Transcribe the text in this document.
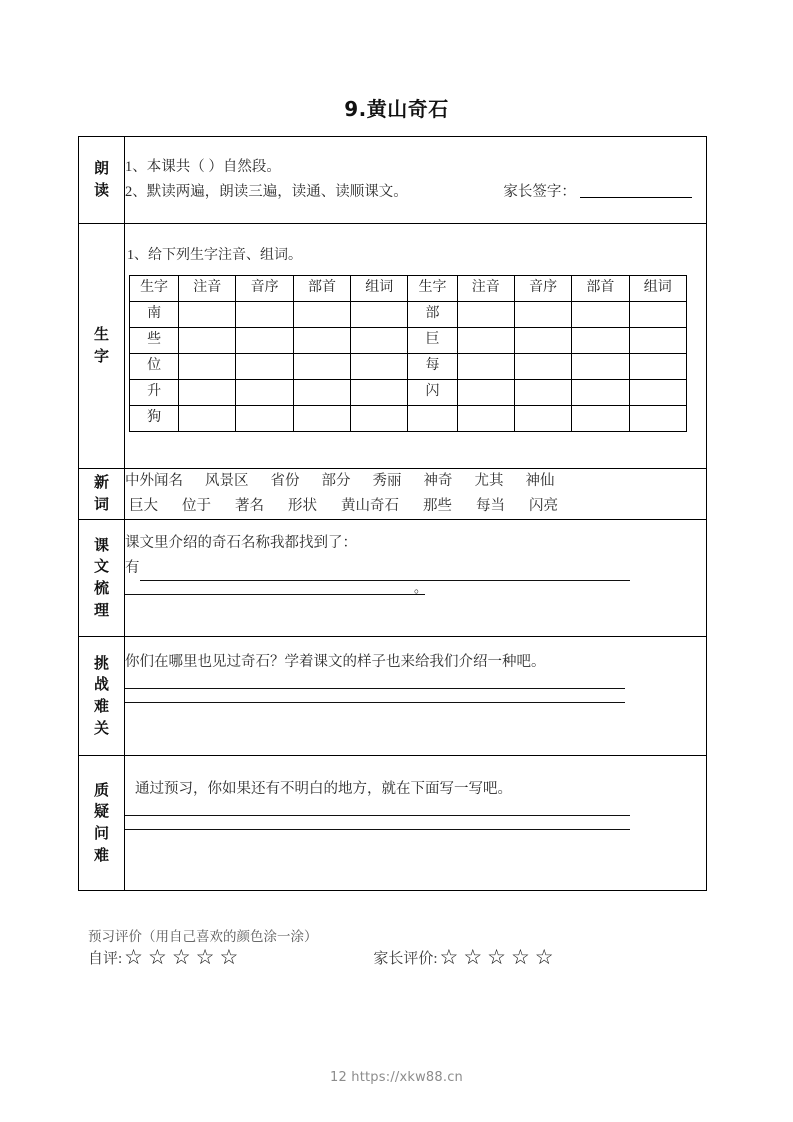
9.黄山奇石
朗
读

1、本课共（ ）自然段。
2、默读两遍，朗读三遍，读通、读顺课文。	家长签字：

生
字

1、给下列生字注音、组词。
生字	注音	音序	部首	组词	生字	注音	音序	部首	组词
南					部				
些					巨				
位					每				
升					闪				
狗									

新
词

中外闻名 风景区 省份 部分 秀丽 神奇 尤其 神仙
巨大 位于 著名 形状 黄山奇石 那些 每当 闪亮

课
文
梳
理

课文里介绍的奇石名称我都找到了：
有
。

挑
战
难
关

你们在哪里也见过奇石？学着课文的样子也来给我们介绍一种吧。

质
疑
问
难

通过预习，你如果还有不明白的地方，就在下面写一写吧。
预习评价（用自己喜欢的颜色涂一涂）
自评: ☆ ☆ ☆ ☆ ☆	家长评价: ☆ ☆ ☆ ☆ ☆
12 https://xkw88.cn
